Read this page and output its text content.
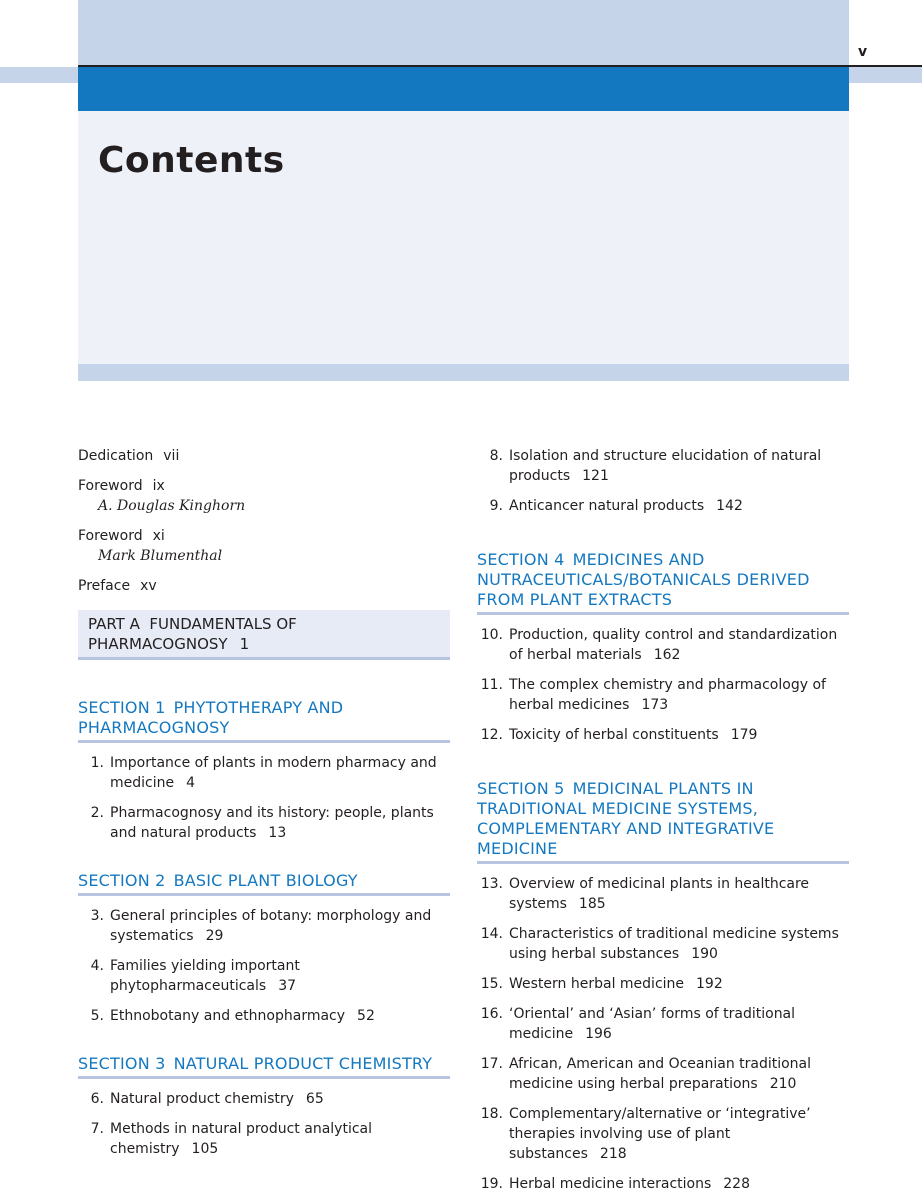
v
Contents
Dedication vii
Foreword ix
A. Douglas Kinghorn
Foreword xi
Mark Blumenthal
Preface xv
PART A FUNDAMENTALS OF
PHARMACOGNOSY 1
SECTION 1 PHYTOTHERAPY AND PHARMACOGNOSY
1. Importance of plants in modern pharmacy and medicine 4
2. Pharmacognosy and its history: people, plants and natural products 13
SECTION 2 BASIC PLANT BIOLOGY
3. General principles of botany: morphology and systematics 29
4. Families yielding important phytopharmaceuticals 37
5. Ethnobotany and ethnopharmacy 52
SECTION 3 NATURAL PRODUCT CHEMISTRY
6. Natural product chemistry 65
7. Methods in natural product analytical chemistry 105
8. Isolation and structure elucidation of natural products 121
9. Anticancer natural products 142
SECTION 4 MEDICINES AND NUTRACEUTICALS/BOTANICALS DERIVED FROM PLANT EXTRACTS
10. Production, quality control and standardization of herbal materials 162
11. The complex chemistry and pharmacology of herbal medicines 173
12. Toxicity of herbal constituents 179
SECTION 5 MEDICINAL PLANTS IN TRADITIONAL MEDICINE SYSTEMS, COMPLEMENTARY AND INTEGRATIVE MEDICINE
13. Overview of medicinal plants in healthcare systems 185
14. Characteristics of traditional medicine systems using herbal substances 190
15. Western herbal medicine 192
16. ‘Oriental’ and ‘Asian’ forms of traditional medicine 196
17. African, American and Oceanian traditional medicine using herbal preparations 210
18. Complementary/alternative or ‘integrative’ therapies involving use of plant substances 218
19. Herbal medicine interactions 228
